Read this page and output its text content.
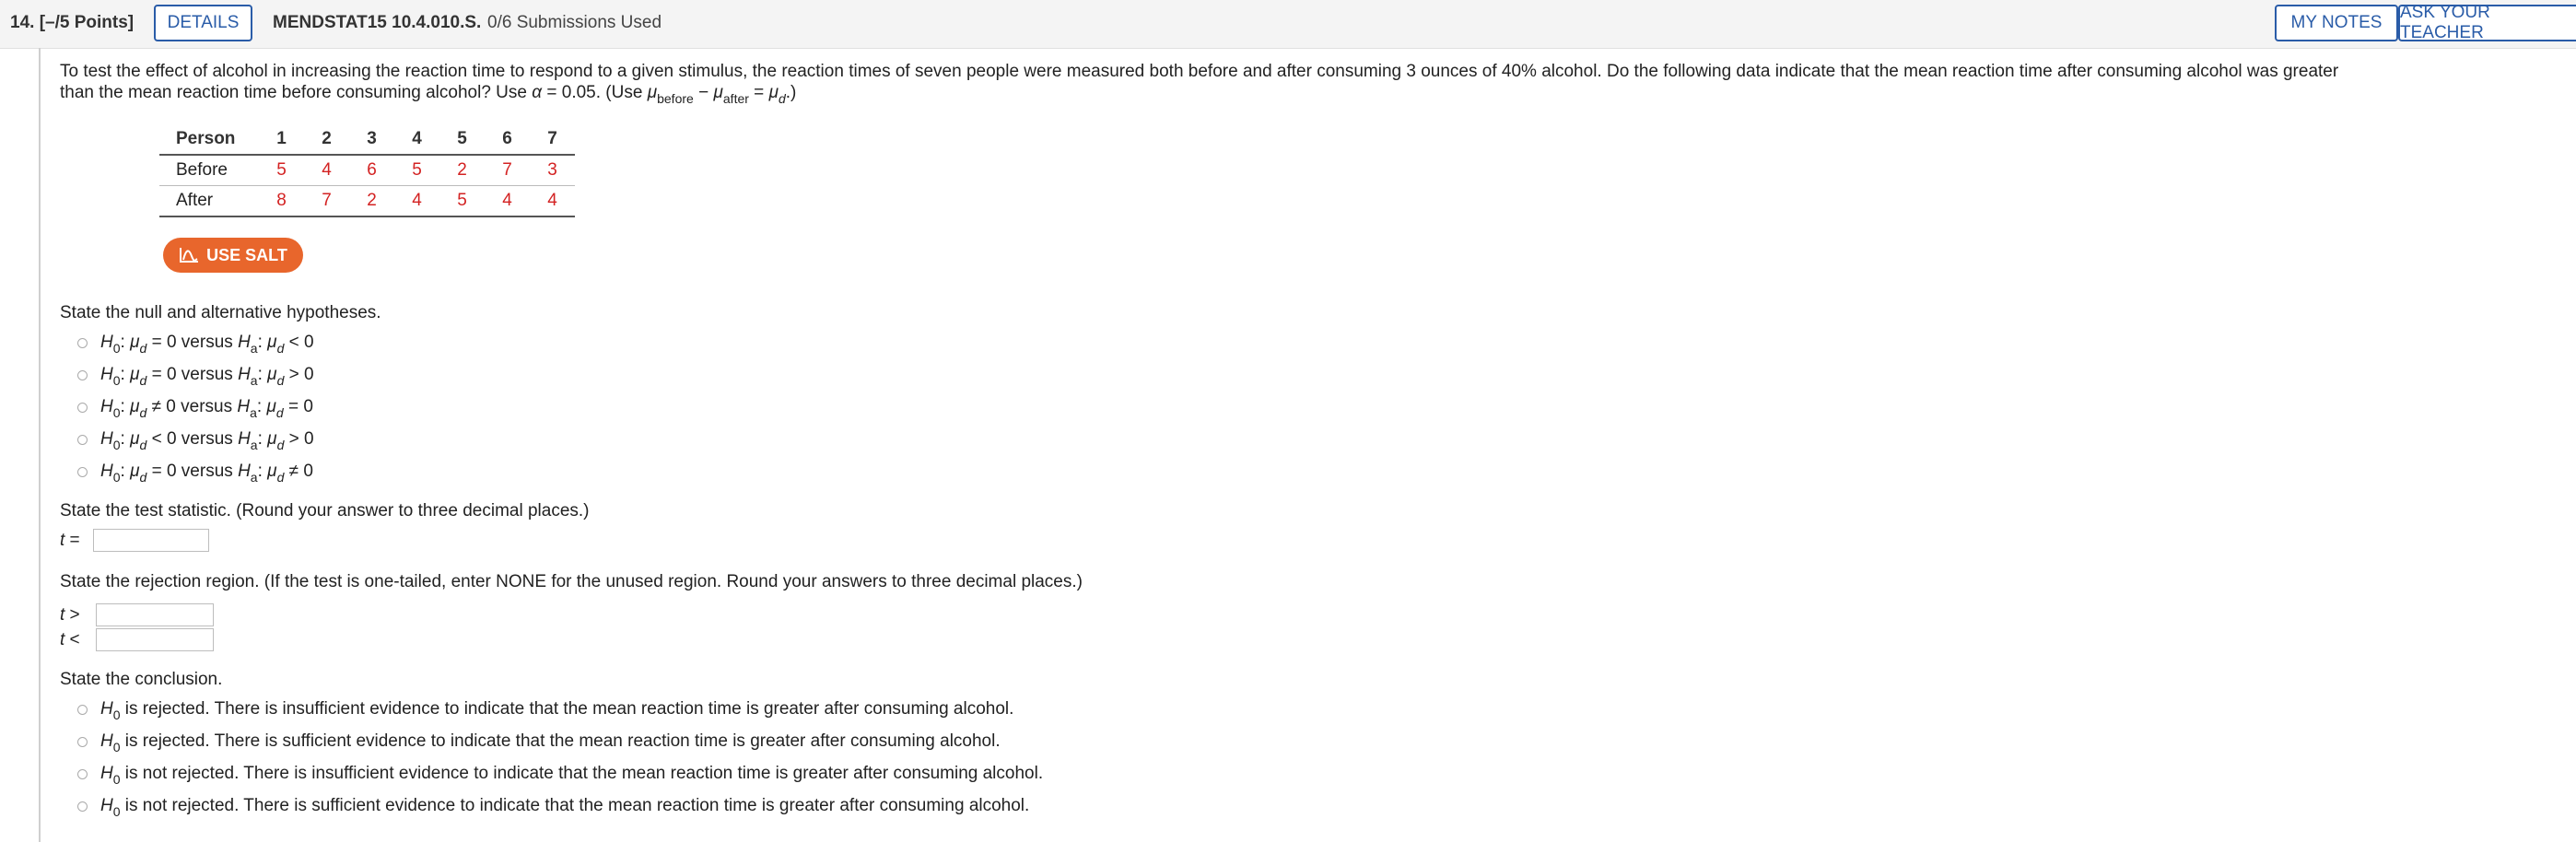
14. [–/5 Points]	DETAILS	MENDSTAT15 10.4.010.S. 0/6 Submissions Used	MY NOTES
ASK YOUR TEACHER
To test the effect of alcohol in increasing the reaction time to respond to a given stimulus, the reaction times of seven people were measured both before and after consuming 3 ounces of 40% alcohol. Do the following data indicate that the mean reaction time after consuming alcohol was greater
than the mean reaction time before consuming alcohol? Use α = 0.05. (Use $\mu_{before} - \mu_{after} = \mu_d$.)
Person	1	2	3	4	5	6	7
Before	5	4	6	5	2	7	3
After	8	7	2	4	5	4	4
USE SALT
State the null and alternative hypotheses.
$H_0$: $\mu_d = 0$ versus $H_a$: $\mu_d < 0$
$H_0$: $\mu_d = 0$ versus $H_a$: $\mu_d > 0$
$H_0$: $\mu_d \ne 0$ versus $H_a$: $\mu_d = 0$
$H_0$: $\mu_d < 0$ versus $H_a$: $\mu_d > 0$
$H_0$: $\mu_d = 0$ versus $H_a$: $\mu_d \ne 0$
State the test statistic. (Round your answer to three decimal places.)
t =
State the rejection region. (If the test is one-tailed, enter NONE for the unused region. Round your answers to three decimal places.)
t >
t <
State the conclusion.
$H_0$ is rejected. There is insufficient evidence to indicate that the mean reaction time is greater after consuming alcohol.
$H_0$ is rejected. There is sufficient evidence to indicate that the mean reaction time is greater after consuming alcohol.
$H_0$ is not rejected. There is insufficient evidence to indicate that the mean reaction time is greater after consuming alcohol.
$H_0$ is not rejected. There is sufficient evidence to indicate that the mean reaction time is greater after consuming alcohol.
